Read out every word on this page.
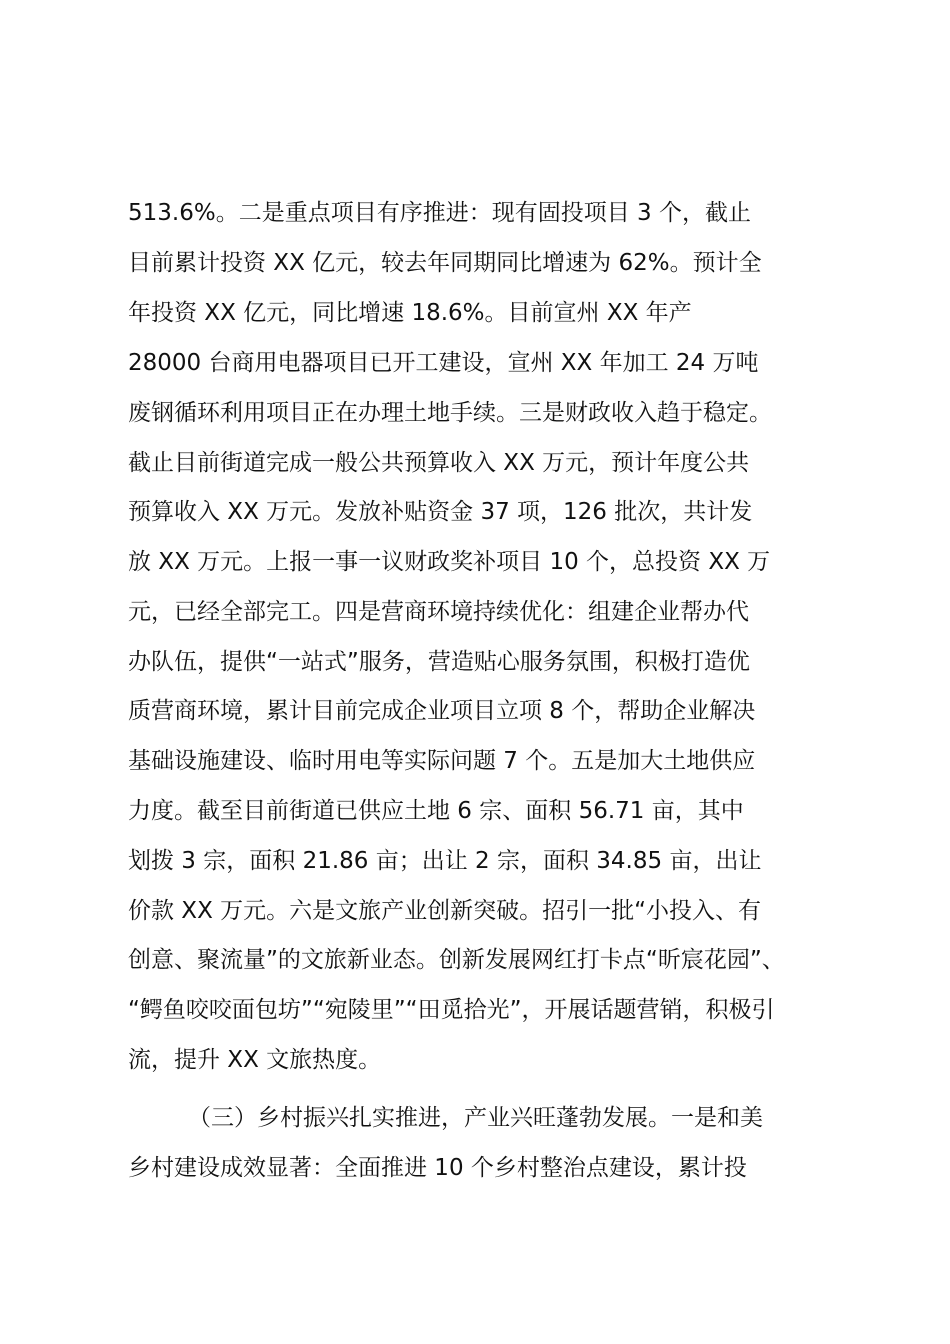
513.6%。二是重点项目有序推进：现有固投项目 3 个，截止
目前累计投资 XX 亿元，较去年同期同比增速为 62%。预计全
年投资 XX 亿元，同比增速 18.6%。目前宣州 XX 年产
28000 台商用电器项目已开工建设，宣州 XX 年加工 24 万吨
废钢循环利用项目正在办理土地手续。三是财政收入趋于稳定。
截止目前街道完成一般公共预算收入 XX 万元，预计年度公共
预算收入 XX 万元。发放补贴资金 37 项，126 批次，共计发
放 XX 万元。上报一事一议财政奖补项目 10 个，总投资 XX 万
元，已经全部完工。四是营商环境持续优化：组建企业帮办代
办队伍，提供“一站式”服务，营造贴心服务氛围，积极打造优
质营商环境，累计目前完成企业项目立项 8 个，帮助企业解决
基础设施建设、临时用电等实际问题 7 个。五是加大土地供应
力度。截至目前街道已供应土地 6 宗、面积 56.71 亩，其中
划拨 3 宗，面积 21.86 亩；出让 2 宗，面积 34.85 亩，出让
价款 XX 万元。六是文旅产业创新突破。招引一批“小投入、有
创意、聚流量”的文旅新业态。创新发展网红打卡点“昕宸花园”、
“鳄鱼咬咬面包坊”“宛陵里”“田觅拾光”，开展话题营销，积极引
流，提升 XX 文旅热度。
（三）乡村振兴扎实推进，产业兴旺蓬勃发展。一是和美
乡村建设成效显著：全面推进 10 个乡村整治点建设，累计投
